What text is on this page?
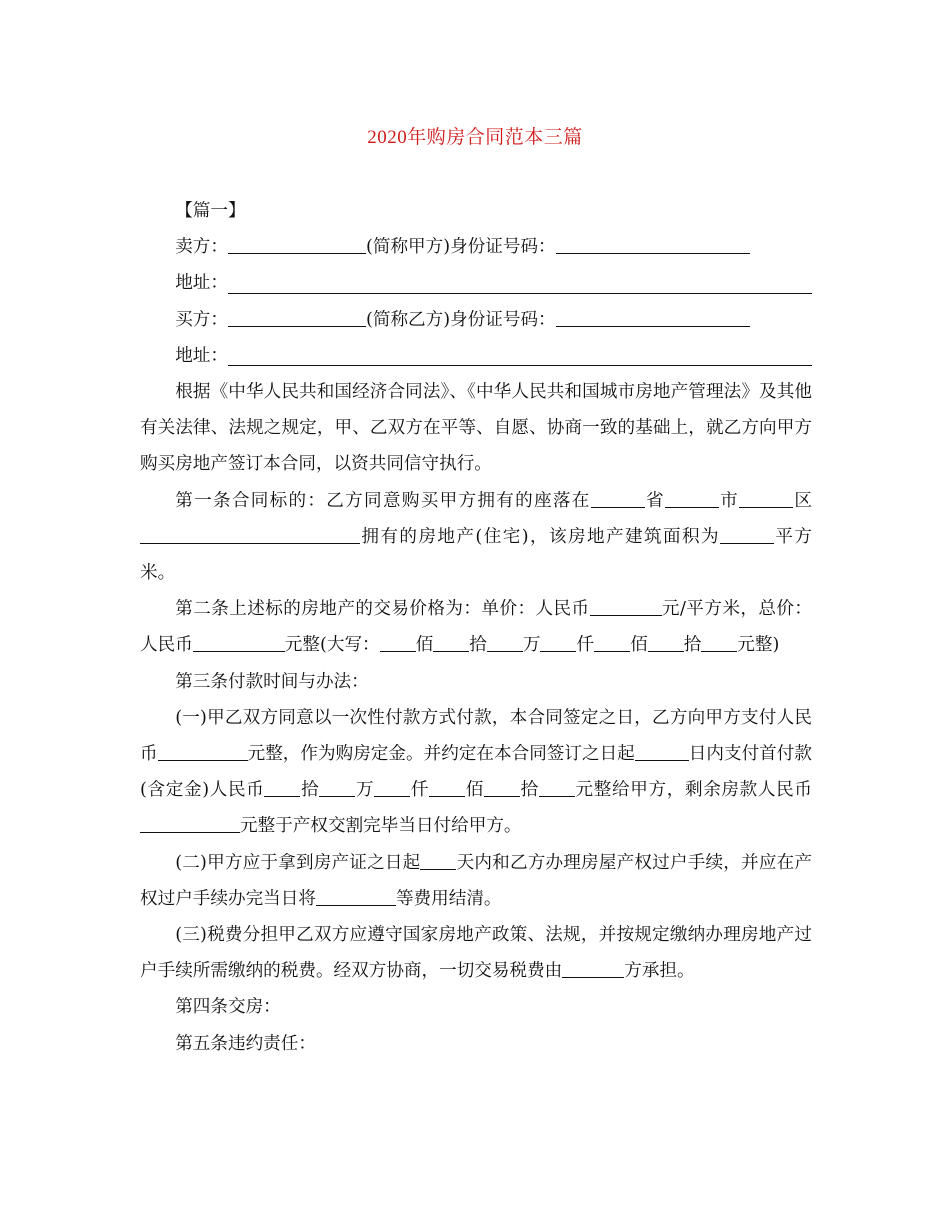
2020年购房合同范本三篇
【篇一】
卖方：	(简称甲方)身份证号码：
地址：
买方：	(简称乙方)身份证号码：
地址：

根据《中华人民共和国经济合同法》、《中华人民共和国城市房地产管理法》及其他有关法律、法规之规定，甲、乙双方在平等、自愿、协商一致的基础上，就乙方向甲方购买房地产签订本合同，以资共同信守执行。

第一条合同标的：乙方同意购买甲方拥有的座落在	省	市	区拥有的房地产(住宅)，该房地产建筑面积为	平方米。

第二条上述标的房地产的交易价格为：单价：人民币	元/平方米，总价：人民币	元整(大写： 佰 拾 万 仟 佰 拾 元整)

第三条付款时间与办法：

(一)甲乙双方同意以一次性付款方式付款，本合同签定之日，乙方向甲方支付人民币	元整，作为购房定金。并约定在本合同签订之日起	日内支付首付款(含定金)人民币 拾 万 仟 佰 拾 元整给甲方，剩余房款人民币元整于产权交割完毕当日付给甲方。

(二)甲方应于拿到房产证之日起 天内和乙方办理房屋产权过户手续，并应在产权过户手续办完当日将	等费用结清。

(三)税费分担甲乙双方应遵守国家房地产政策、法规，并按规定缴纳办理房地产过户手续所需缴纳的税费。经双方协商，一切交易税费由	方承担。

第四条交房：
第五条违约责任：
